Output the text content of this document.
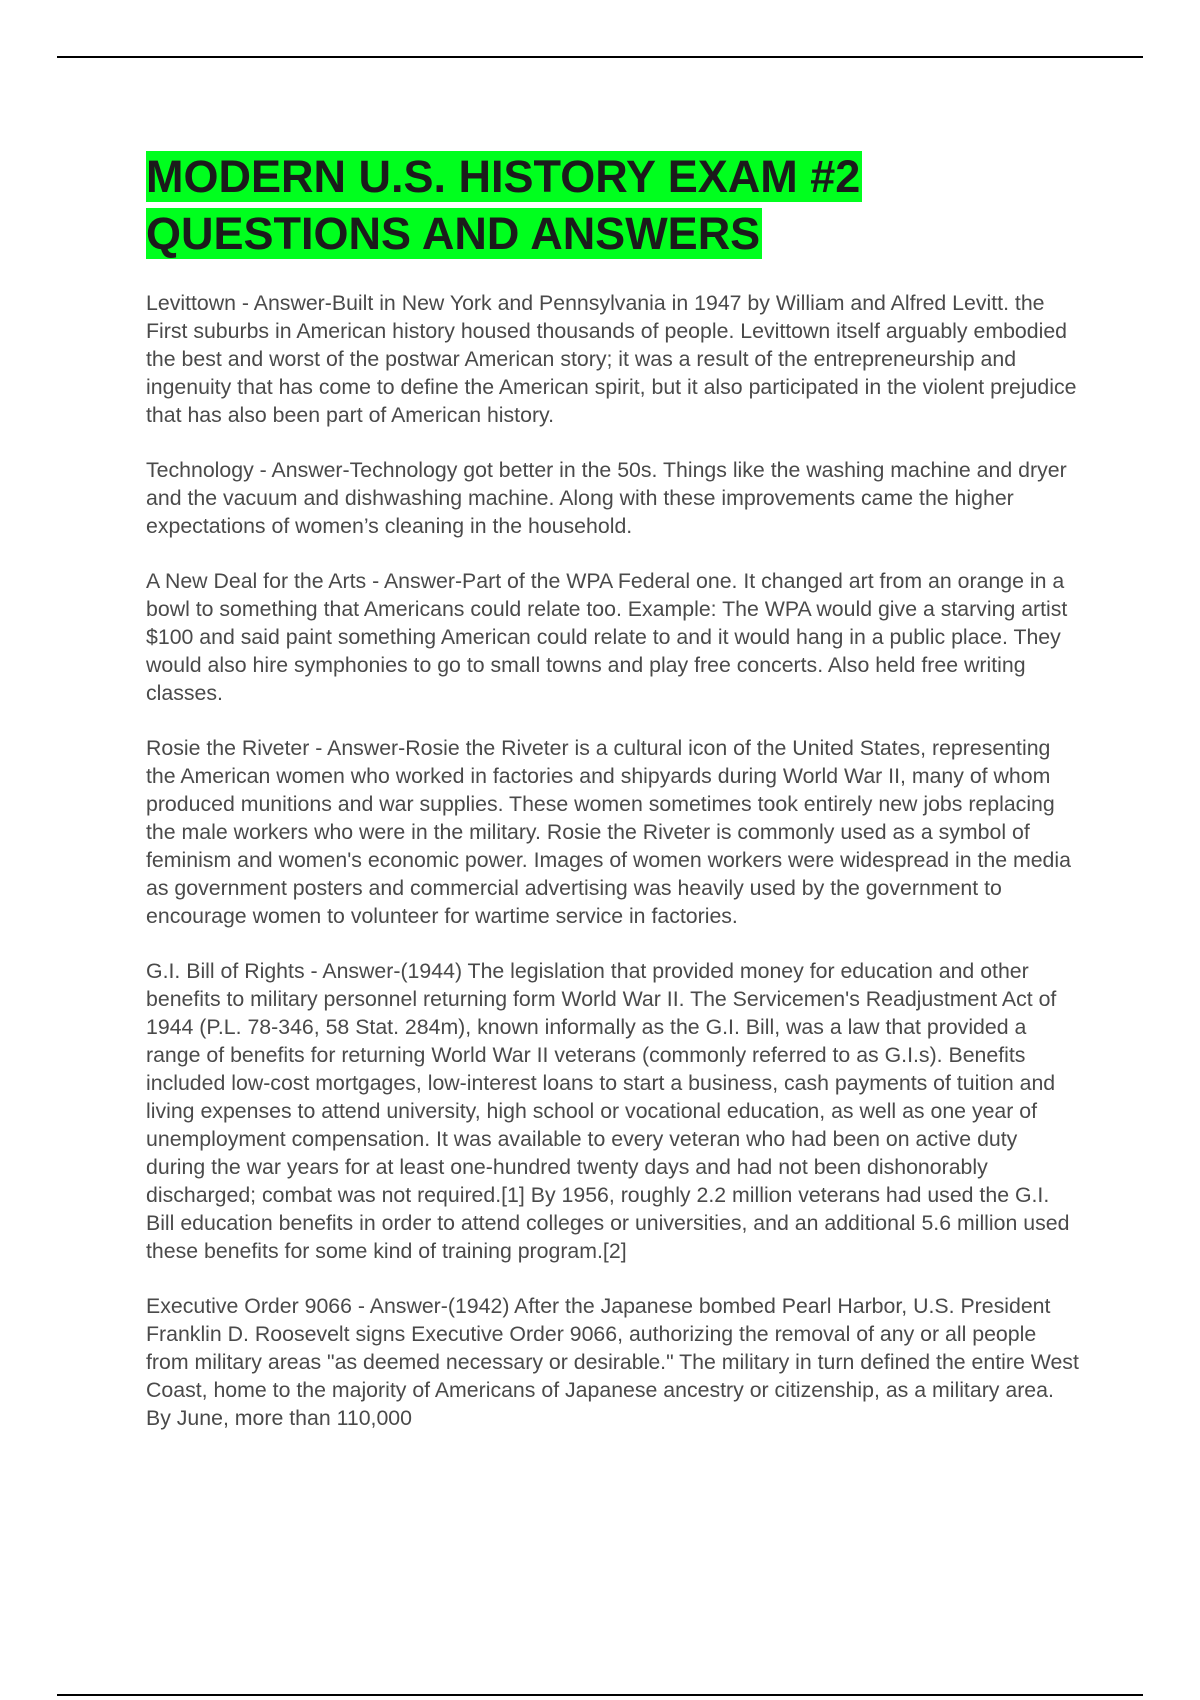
MODERN U.S. HISTORY EXAM #2
QUESTIONS AND ANSWERS

Levittown - Answer-Built in New York and Pennsylvania in 1947 by William and Alfred Levitt. the First suburbs in American history housed thousands of people. Levittown itself arguably embodied the best and worst of the postwar American story; it was a result of the entrepreneurship and ingenuity that has come to define the American spirit, but it also participated in the violent prejudice that has also been part of American history.

Technology - Answer-Technology got better in the 50s. Things like the washing machine and dryer and the vacuum and dishwashing machine. Along with these improvements came the higher expectations of women’s cleaning in the household.

A New Deal for the Arts - Answer-Part of the WPA Federal one. It changed art from an orange in a bowl to something that Americans could relate too. Example: The WPA would give a starving artist $100 and said paint something American could relate to and it would hang in a public place. They would also hire symphonies to go to small towns and play free concerts. Also held free writing classes.

Rosie the Riveter - Answer-Rosie the Riveter is a cultural icon of the United States, representing the American women who worked in factories and shipyards during World War II, many of whom produced munitions and war supplies. These women sometimes took entirely new jobs replacing the male workers who were in the military. Rosie the Riveter is commonly used as a symbol of feminism and women's economic power. Images of women workers were widespread in the media as government posters and commercial advertising was heavily used by the government to encourage women to volunteer for wartime service in factories.

G.I. Bill of Rights - Answer-(1944) The legislation that provided money for education and other benefits to military personnel returning form World War II. The Servicemen's Readjustment Act of 1944 (P.L. 78-346, 58 Stat. 284m), known informally as the G.I. Bill, was a law that provided a range of benefits for returning World War II veterans (commonly referred to as G.I.s). Benefits included low-cost mortgages, low-interest loans to start a business, cash payments of tuition and living expenses to attend university, high school or vocational education, as well as one year of unemployment compensation. It was available to every veteran who had been on active duty during the war years for at least one-hundred twenty days and had not been dishonorably discharged; combat was not required.[1] By 1956, roughly 2.2 million veterans had used the G.I. Bill education benefits in order to attend colleges or universities, and an additional 5.6 million used these benefits for some kind of training program.[2]

Executive Order 9066 - Answer-(1942) After the Japanese bombed Pearl Harbor, U.S. President Franklin D. Roosevelt signs Executive Order 9066, authorizing the removal of any or all people from military areas "as deemed necessary or desirable." The military in turn defined the entire West Coast, home to the majority of Americans of Japanese ancestry or citizenship, as a military area. By June, more than 110,000
